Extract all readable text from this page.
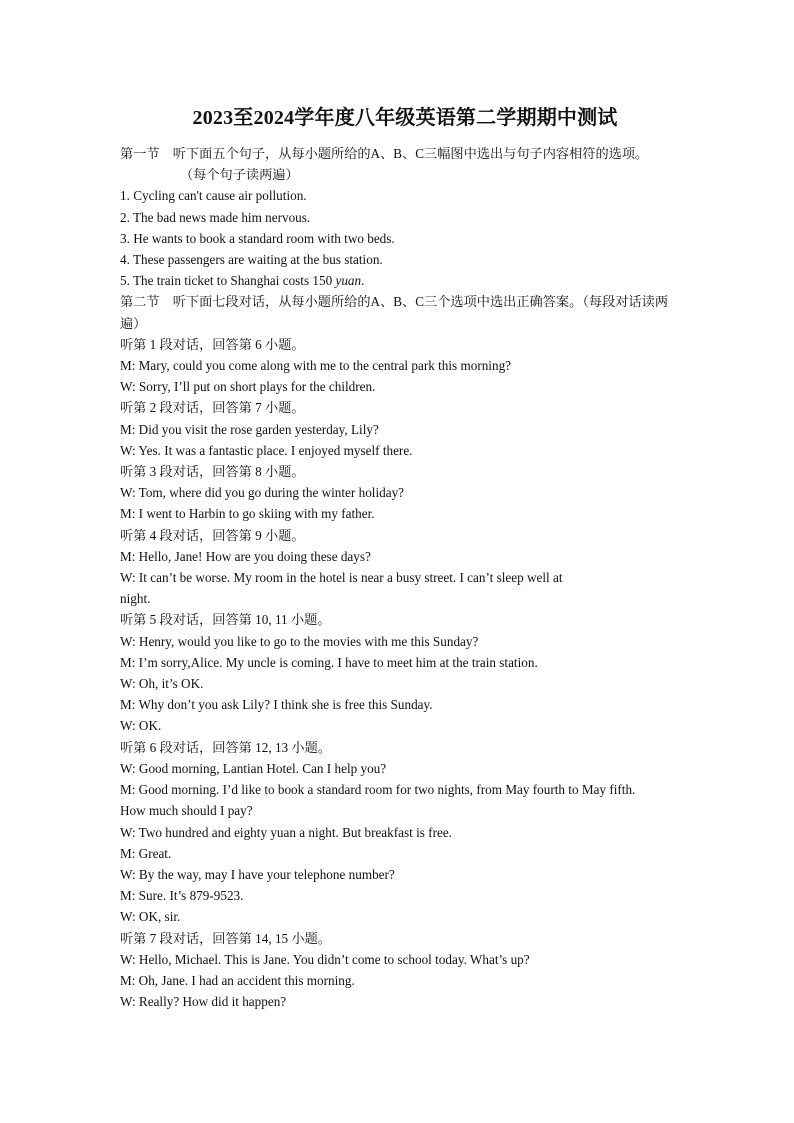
2023至2024学年度八年级英语第二学期期中测试
第一节　听下面五个句子，从每小题所给的A、B、C三幅图中选出与句子内容相符的选项。
（每个句子读两遍）
1. Cycling can't cause air pollution.
2. The bad news made him nervous.
3. He wants to book a standard room with two beds.
4. These passengers are waiting at the bus station.
5. The train ticket to Shanghai costs 150 yuan.
第二节　听下面七段对话，从每小题所给的A、B、C三个选项中选出正确答案。（每段对话读两遍）
听第 1 段对话，回答第 6 小题。
M: Mary, could you come along with me to the central park this morning?
W: Sorry, I’ll put on short plays for the children.
听第 2 段对话，回答第 7 小题。
M: Did you visit the rose garden yesterday, Lily?
W: Yes. It was a fantastic place. I enjoyed myself there.
听第 3 段对话，回答第 8 小题。
W: Tom, where did you go during the winter holiday?
M: I went to Harbin to go skiing with my father.
听第 4 段对话，回答第 9 小题。
M: Hello, Jane! How are you doing these days?
W: It can’t be worse. My room in the hotel is near a busy street. I can’t sleep well at
night.
听第 5 段对话，回答第 10, 11 小题。
W: Henry, would you like to go to the movies with me this Sunday?
M: I’m sorry,Alice. My uncle is coming. I have to meet him at the train station.
W: Oh, it’s OK.
M: Why don’t you ask Lily? I think she is free this Sunday.
W: OK.
听第 6 段对话，回答第 12, 13 小题。
W: Good morning, Lantian Hotel. Can I help you?
M: Good morning. I’d like to book a standard room for two nights, from May fourth to May fifth.
How much should I pay?
W: Two hundred and eighty yuan a night. But breakfast is free.
M: Great.
W: By the way, may I have your telephone number?
M: Sure. It’s 879-9523.
W: OK, sir.
听第 7 段对话，回答第 14, 15 小题。
W: Hello, Michael. This is Jane. You didn’t come to school today. What’s up?
M: Oh, Jane. I had an accident this morning.
W: Really? How did it happen?
